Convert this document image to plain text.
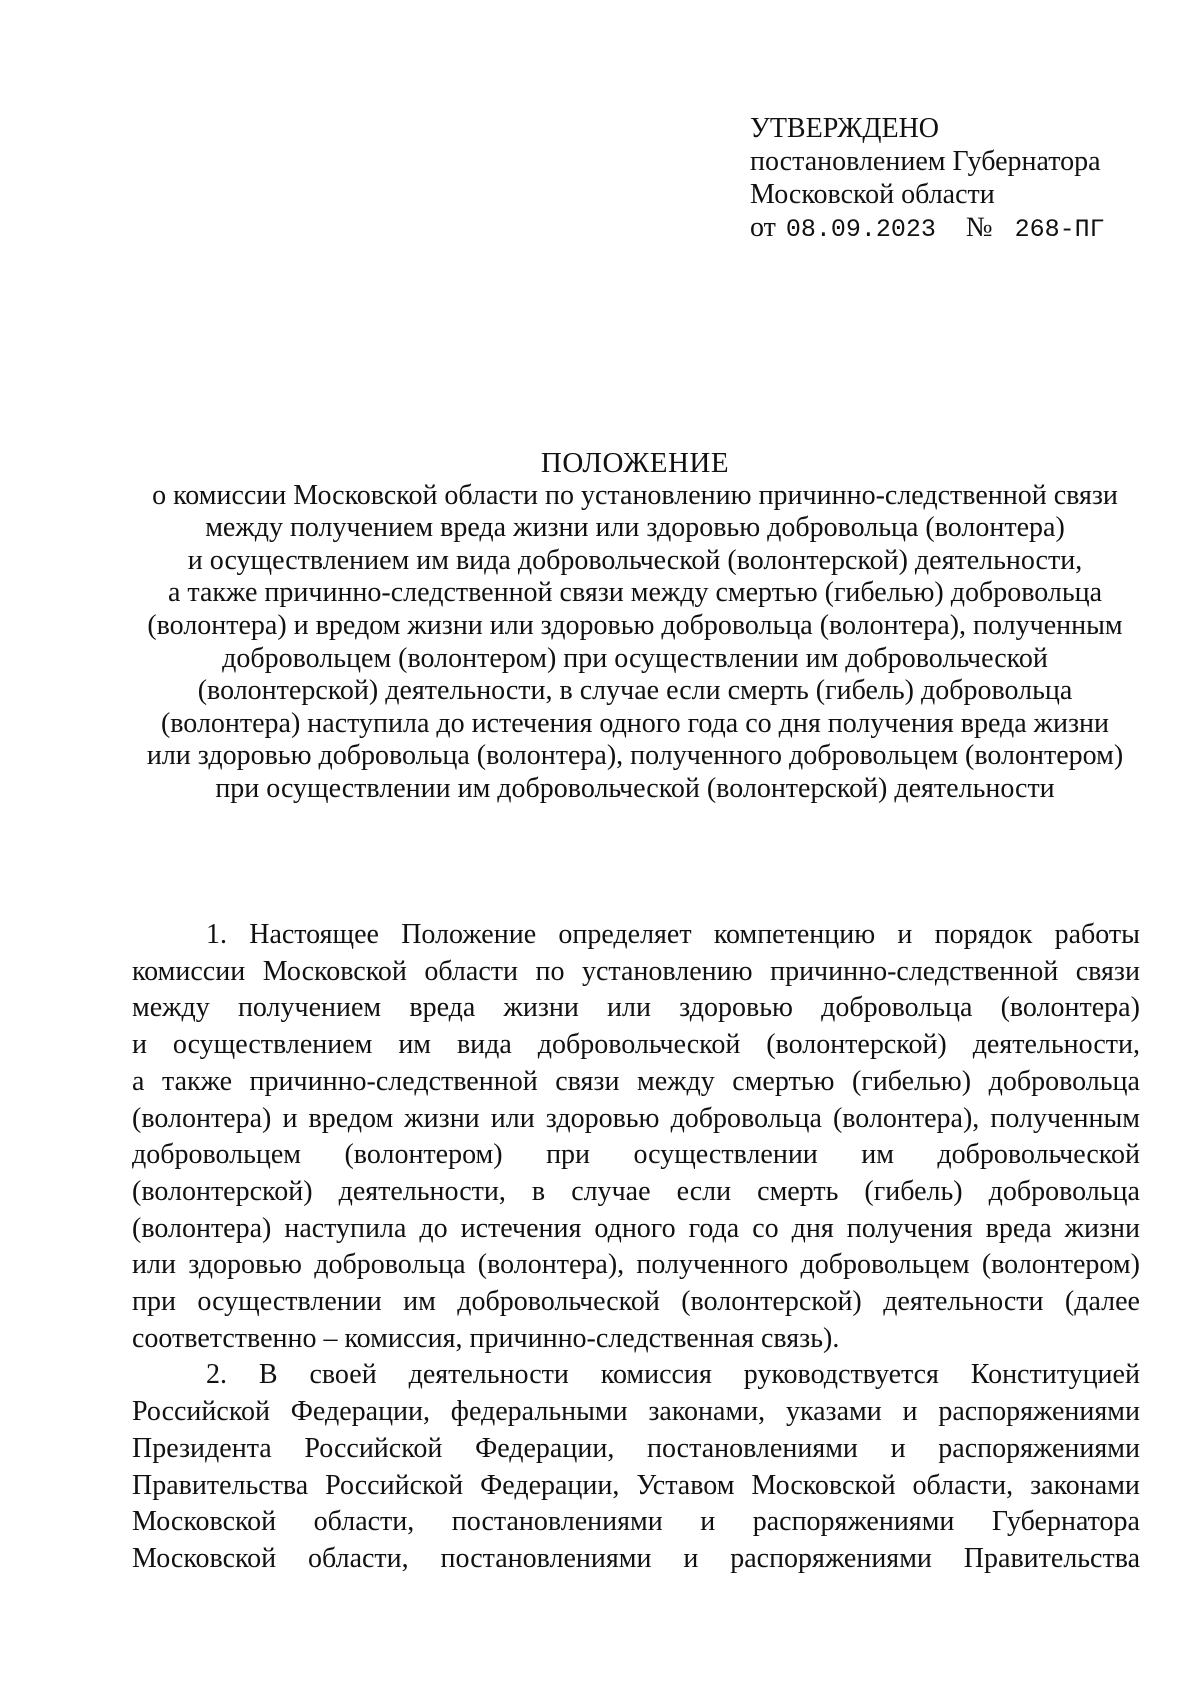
УТВЕРЖДЕНО
постановлением Губернатора
Московской области
от 08.09.2023 № 268-ПГ
ПОЛОЖЕНИЕ
о комиссии Московской области по установлению причинно-следственной связи
между получением вреда жизни или здоровью добровольца (волонтера)
и осуществлением им вида добровольческой (волонтерской) деятельности,
а также причинно-следственной связи между смертью (гибелью) добровольца
(волонтера) и вредом жизни или здоровью добровольца (волонтера), полученным
добровольцем (волонтером) при осуществлении им добровольческой
(волонтерской) деятельности, в случае если смерть (гибель) добровольца
(волонтера) наступила до истечения одного года со дня получения вреда жизни
или здоровью добровольца (волонтера), полученного добровольцем (волонтером)
при осуществлении им добровольческой (волонтерской) деятельности

1. Настоящее Положение определяет компетенцию и порядок работы
комиссии Московской области по установлению причинно-следственной связи
между получением вреда жизни или здоровью добровольца (волонтера)
и осуществлением им вида добровольческой (волонтерской) деятельности,
а также причинно-следственной связи между смертью (гибелью) добровольца
(волонтера) и вредом жизни или здоровью добровольца (волонтера), полученным
добровольцем (волонтером) при осуществлении им добровольческой
(волонтерской) деятельности, в случае если смерть (гибель) добровольца
(волонтера) наступила до истечения одного года со дня получения вреда жизни
или здоровью добровольца (волонтера), полученного добровольцем (волонтером)
при осуществлении им добровольческой (волонтерской) деятельности (далее
соответственно – комиссия, причинно-следственная связь).

2. В своей деятельности комиссия руководствуется Конституцией
Российской Федерации, федеральными законами, указами и распоряжениями
Президента Российской Федерации, постановлениями и распоряжениями
Правительства Российской Федерации, Уставом Московской области, законами
Московской области, постановлениями и распоряжениями Губернатора
Московской области, постановлениями и распоряжениями Правительства
